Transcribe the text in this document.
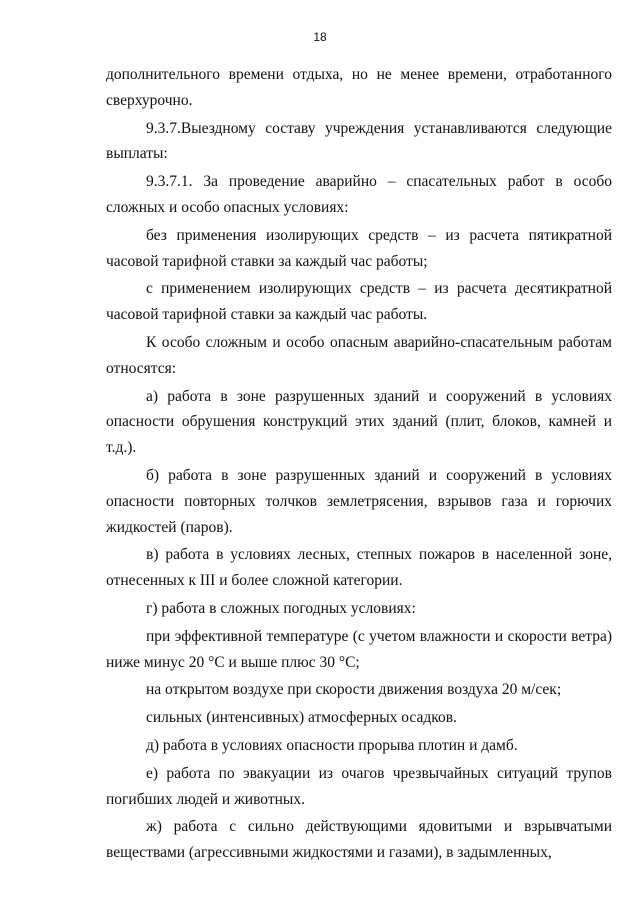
18

дополнительного времени отдыха, но не менее времени, отработанного сверхурочно.

9.3.7.Выездному составу учреждения устанавливаются следующие выплаты:

9.3.7.1. За проведение аварийно – спасательных работ в особо сложных и особо опасных условиях:

без применения изолирующих средств – из расчета пятикратной часовой тарифной ставки за каждый час работы;

с применением изолирующих средств – из расчета десятикратной часовой тарифной ставки за каждый час работы.

К особо сложным и особо опасным аварийно-спасательным работам относятся:

а) работа в зоне разрушенных зданий и сооружений в условиях опасности обрушения конструкций этих зданий (плит, блоков, камней и т.д.).

б) работа в зоне разрушенных зданий и сооружений в условиях опасности повторных толчков землетрясения, взрывов газа и горючих жидкостей (паров).

в) работа в условиях лесных, степных пожаров в населенной зоне, отнесенных к III и более сложной категории.

г) работа в сложных погодных условиях:

при эффективной температуре (с учетом влажности и скорости ветра) ниже минус 20 °С и выше плюс 30 °С;

на открытом воздухе при скорости движения воздуха 20 м/сек;

сильных (интенсивных) атмосферных осадков.

д) работа в условиях опасности прорыва плотин и дамб.

е) работа по эвакуации из очагов чрезвычайных ситуаций трупов погибших людей и животных.

ж) работа с сильно действующими ядовитыми и взрывчатыми веществами (агрессивными жидкостями и газами), в задымленных,
